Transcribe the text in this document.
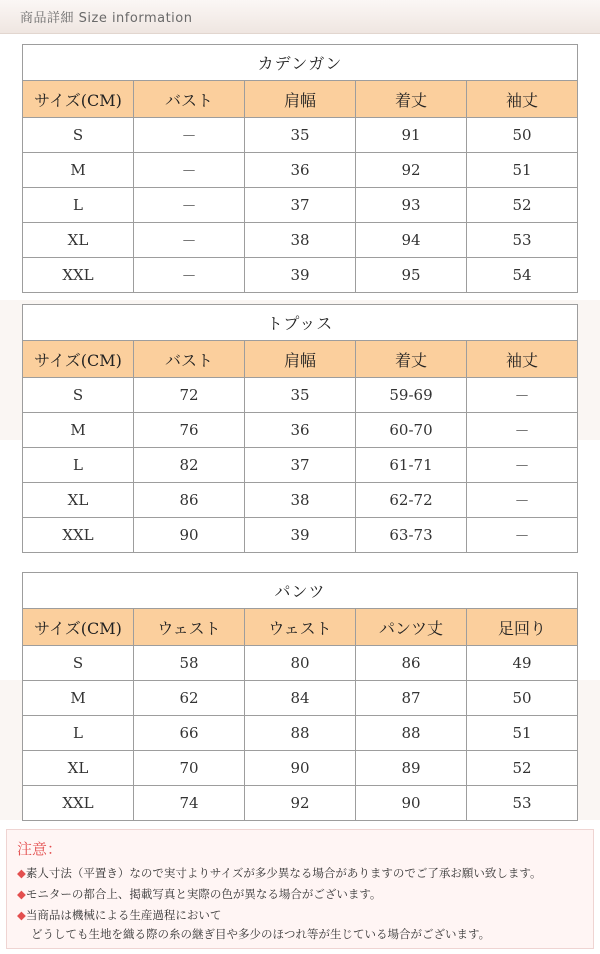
商品詳細 Size information
カデンガン				
サイズ(CM)	バスト	肩幅	着丈	袖丈
S	－	35	91	50
M	－	36	92	51
L	－	37	93	52
XL	－	38	94	53
XXL	－	39	95	54
トプッス				
サイズ(CM)	バスト	肩幅	着丈	袖丈
S	72	35	59-69	－
M	76	36	60-70	－
L	82	37	61-71	－
XL	86	38	62-72	－
XXL	90	39	63-73	－
パンツ				
サイズ(CM)	ウェスト	ウェスト	パンツ丈	足回り
S	58	80	86	49
M	62	84	87	50
L	66	88	88	51
XL	70	90	89	52
XXL	74	92	90	53
注意：
◆素人寸法（平置き）なので実寸よりサイズが多少異なる場合がありますのでご了承お願い致します。
◆モニターの都合上、掲載写真と実際の色が異なる場合がございます。
◆当商品は機械による生産過程において
どうしても生地を織る際の糸の継ぎ目や多少のほつれ等が生じている場合がございます。
